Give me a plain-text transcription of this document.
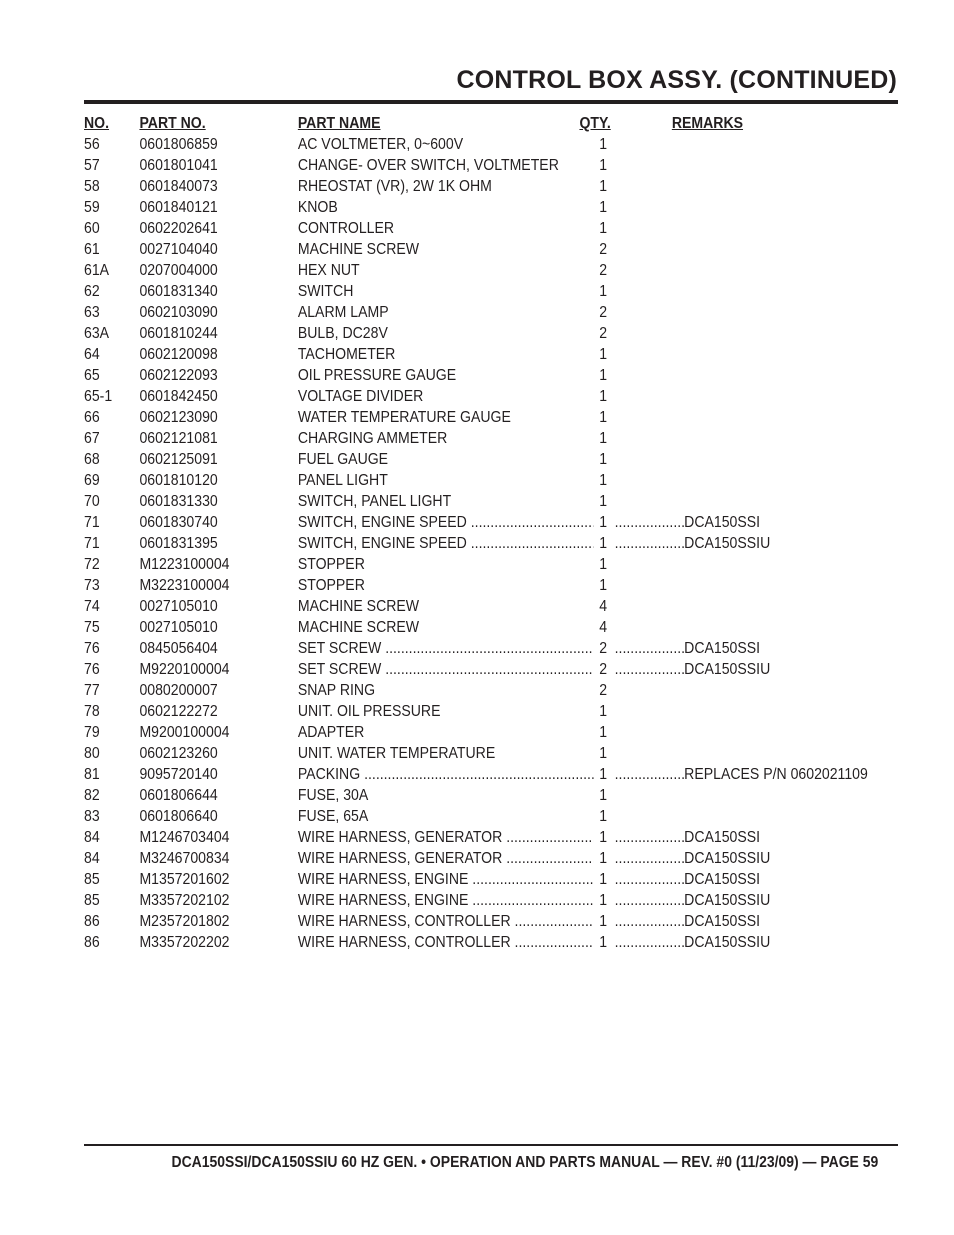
CONTROL BOX ASSY. (CONTINUED)
NO. PART NO.	PART NAME	QTY.	REMARKS
56 0601806859	AC VOLTMETER, 0~600V	1
57 0601801041	CHANGE- OVER SWITCH, VOLTMETER	1
58 0601840073	RHEOSTAT (VR), 2W 1K OHM	1
59 0601840121	KNOB	1
60 0602202641	CONTROLLER	1
61 0027104040	MACHINE SCREW	2
61A 0207004000	HEX NUT	2
62 0601831340	SWITCH	1
63 0602103090	ALARM LAMP	2
63A 0601810244	BULB, DC28V	2
64 0602120098	TACHOMETER	1
65 0602122093	OIL PRESSURE GAUGE	1
65-1 0601842450	VOLTAGE DIVIDER	1
66 0602123090	WATER TEMPERATURE GAUGE	1
67 0602121081	CHARGING AMMETER	1
68 0602125091	FUEL GAUGE	1
69 0601810120	PANEL LIGHT	1
70 0601831330	SWITCH, PANEL LIGHT	1
71 0601830740	SWITCH, ENGINE SPEED .....	1 .....	DCA150SSI
71 0601831395	SWITCH, ENGINE SPEED .....	1 .....	DCA150SSIU
72 M1223100004	STOPPER	1
73 M3223100004	STOPPER	1
74 0027105010	MACHINE SCREW	4
75 0027105010	MACHINE SCREW	4
76 0845056404	SET SCREW .....	2 .....	DCA150SSI
76 M9220100004	SET SCREW .....	2 .....	DCA150SSIU
77 0080200007	SNAP RING	2
78 0602122272	UNIT. OIL PRESSURE	1
79 M9200100004	ADAPTER	1
80 0602123260	UNIT. WATER TEMPERATURE	1
81 9095720140	PACKING .....	1 .....	REPLACES P/N 0602021109
82 0601806644	FUSE, 30A	1
83 0601806640	FUSE, 65A	1
84 M1246703404	WIRE HARNESS, GENERATOR .....	1 .....	DCA150SSI
84 M3246700834	WIRE HARNESS, GENERATOR .....	1 .....	DCA150SSIU
85 M1357201602	WIRE HARNESS, ENGINE .....	1 .....	DCA150SSI
85 M3357202102	WIRE HARNESS, ENGINE .....	1 .....	DCA150SSIU
86 M2357201802	WIRE HARNESS, CONTROLLER .....	1 .....	DCA150SSI
86 M3357202202	WIRE HARNESS, CONTROLLER .....	1 .....	DCA150SSIU
DCA150SSI/DCA150SSIU 60 HZ GEN. • OPERATION AND PARTS MANUAL — REV. #0 (11/23/09) — PAGE 59
